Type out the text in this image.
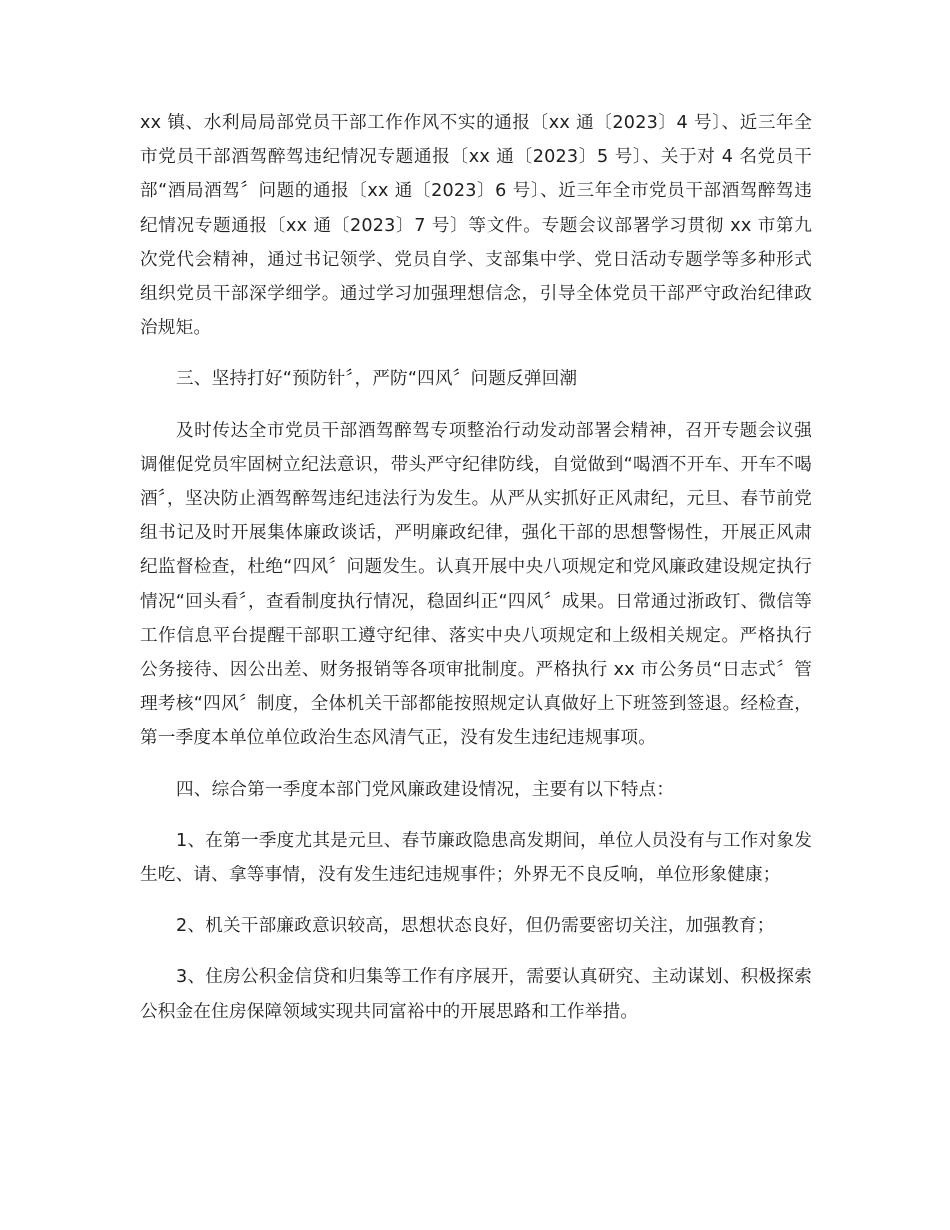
xx 镇、水利局局部党员干部工作作风不实的通报〔xx 通〔2023〕4 号〕、近三年全市党员干部酒驾醉驾违纪情况专题通报〔xx 通〔2023〕5 号〕、关于对 4 名党员干部“酒局酒驾〞问题的通报〔xx 通〔2023〕6 号〕、近三年全市党员干部酒驾醉驾违纪情况专题通报〔xx 通〔2023〕7 号〕等文件。专题会议部署学习贯彻 xx 市第九次党代会精神，通过书记领学、党员自学、支部集中学、党日活动专题学等多种形式组织党员干部深学细学。通过学习加强理想信念，引导全体党员干部严守政治纪律政治规矩。

三、坚持打好“预防针〞，严防“四风〞问题反弹回潮

及时传达全市党员干部酒驾醉驾专项整治行动发动部署会精神，召开专题会议强调催促党员牢固树立纪法意识，带头严守纪律防线，自觉做到“喝酒不开车、开车不喝酒〞，坚决防止酒驾醉驾违纪违法行为发生。从严从实抓好正风肃纪，元旦、春节前党组书记及时开展集体廉政谈话，严明廉政纪律，强化干部的思想警惕性，开展正风肃纪监督检查，杜绝“四风〞问题发生。认真开展中央八项规定和党风廉政建设规定执行情况“回头看〞，查看制度执行情况，稳固纠正“四风〞成果。日常通过浙政钉、微信等工作信息平台提醒干部职工遵守纪律、落实中央八项规定和上级相关规定。严格执行公务接待、因公出差、财务报销等各项审批制度。严格执行 xx 市公务员“日志式〞管理考核“四风〞制度，全体机关干部都能按照规定认真做好上下班签到签退。经检查，第一季度本单位单位政治生态风清气正，没有发生违纪违规事项。

四、综合第一季度本部门党风廉政建设情况，主要有以下特点：

1、在第一季度尤其是元旦、春节廉政隐患高发期间，单位人员没有与工作对象发生吃、请、拿等事情，没有发生违纪违规事件；外界无不良反响，单位形象健康；

2、机关干部廉政意识较高，思想状态良好，但仍需要密切关注，加强教育；

3、住房公积金信贷和归集等工作有序展开，需要认真研究、主动谋划、积极探索公积金在住房保障领域实现共同富裕中的开展思路和工作举措。
